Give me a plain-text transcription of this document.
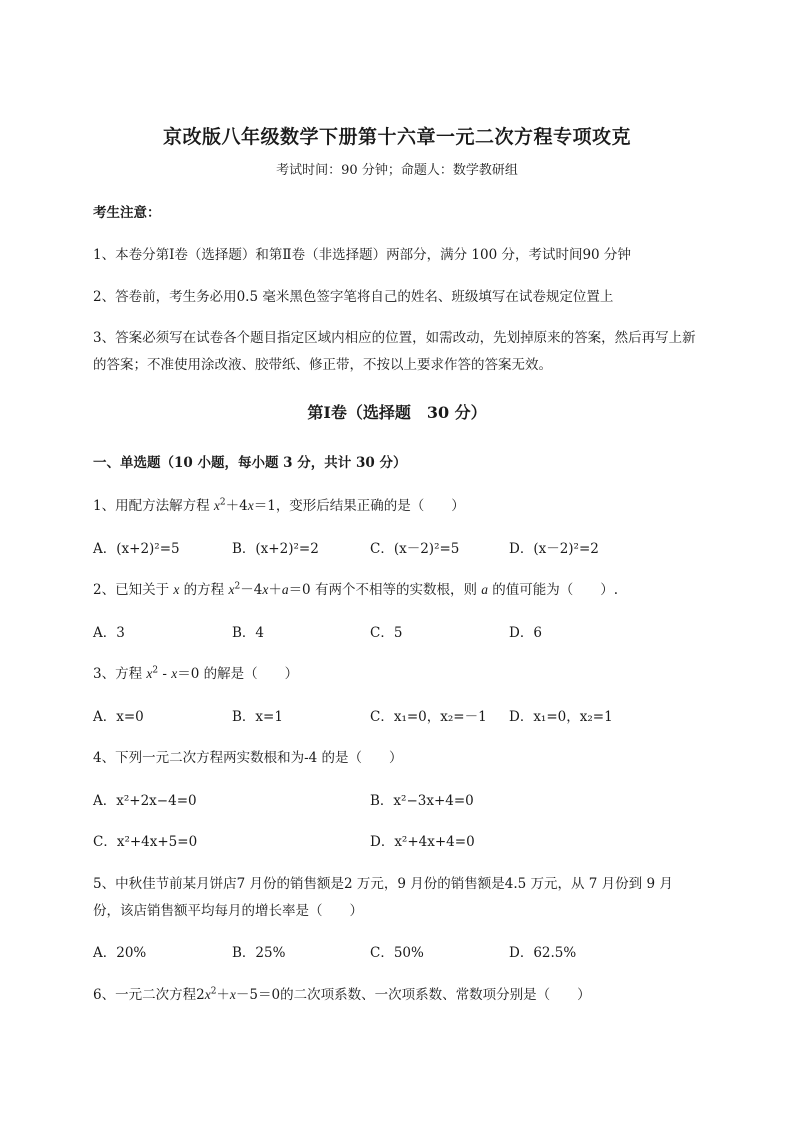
京改版八年级数学下册第十六章一元二次方程专项攻克
考试时间：90 分钟；命题人：数学教研组
考生注意：
1、本卷分第Ⅰ卷（选择题）和第Ⅱ卷（非选择题）两部分，满分 100 分，考试时间90 分钟
2、答卷前，考生务必用0.5 毫米黑色签字笔将自己的姓名、班级填写在试卷规定位置上
3、答案必须写在试卷各个题目指定区域内相应的位置，如需改动，先划掉原来的答案，然后再写上新
的答案；不准使用涂改液、胶带纸、修正带，不按以上要求作答的答案无效。
第Ⅰ卷（选择题　30 分）
一、单选题（10 小题，每小题 3 分，共计 30 分）
1、用配方法解方程 $x^2+4x=1$，变形后结果正确的是（　　）
A．(x+2)²=5	B．(x+2)²=2	C．(x－2)²=5	D．(x－2)²=2
2、已知关于 x 的方程 $x^2-4x+a=0$ 有两个不相等的实数根，则 a 的值可能为（　　）.
A．3	B．4	C．5	D．6
3、方程 $x^2 - x=0$ 的解是（　　）
A．x=0	B．x=1	C．x₁=0，x₂=－1 D．x₁=0，x₂=1
4、下列一元二次方程两实数根和为-4 的是（　　）
A．x²+2x−4=0	B．x²−3x+4=0
C．x²+4x+5=0	D．x²+4x+4=0
5、中秋佳节前某月饼店7 月份的销售额是2 万元，9 月份的销售额是4.5 万元，从 7 月份到 9 月
份，该店销售额平均每月的增长率是（　　）
A．20%	B．25%	C．50%	D．62.5%
6、一元二次方程$2x^2+x-5=0$的二次项系数、一次项系数、常数项分别是（　　）
